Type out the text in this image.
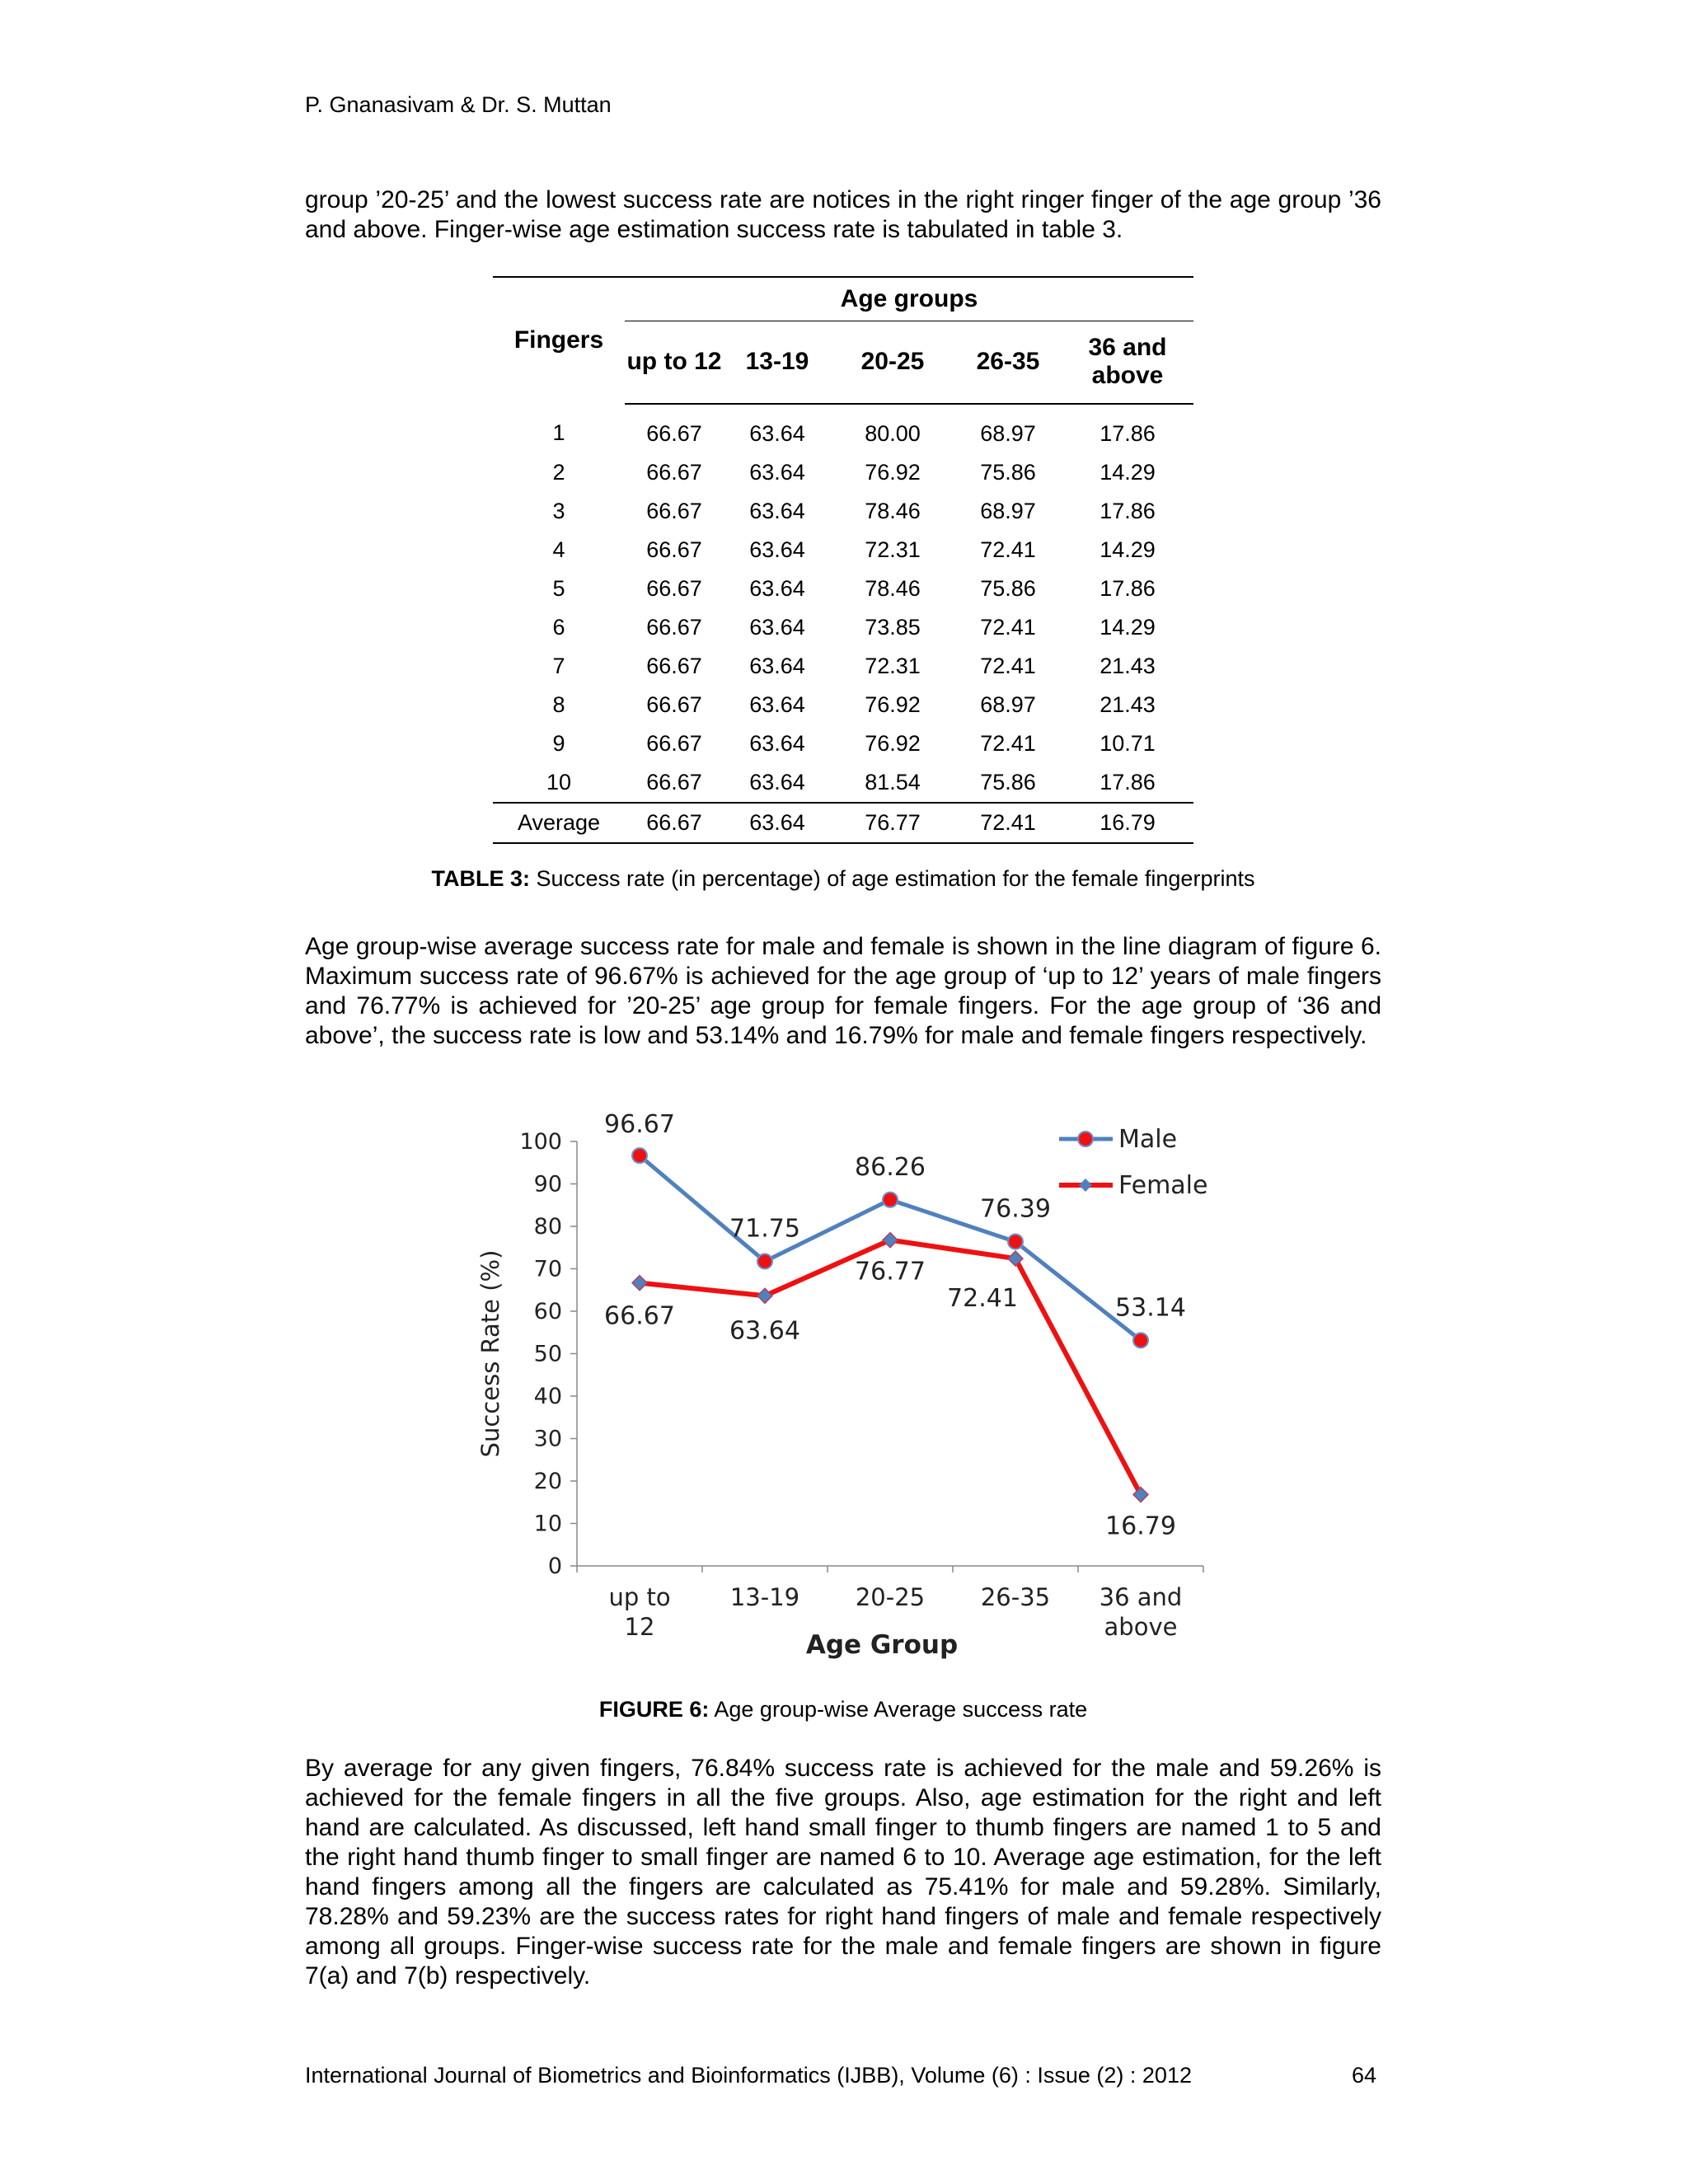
P. Gnanasivam & Dr. S. Muttan

group ’20-25’ and the lowest success rate are notices in the right ringer finger of the age group ’36 and above. Finger-wise age estimation success rate is tabulated in table 3.

Fingers	Age groups				
	up to 12	13-19	20-25	26-35	36 and above
1	66.67	63.64	80.00	68.97	17.86
2	66.67	63.64	76.92	75.86	14.29
3	66.67	63.64	78.46	68.97	17.86
4	66.67	63.64	72.31	72.41	14.29
5	66.67	63.64	78.46	75.86	17.86
6	66.67	63.64	73.85	72.41	14.29
7	66.67	63.64	72.31	72.41	21.43
8	66.67	63.64	76.92	68.97	21.43
9	66.67	63.64	76.92	72.41	10.71
10	66.67	63.64	81.54	75.86	17.86
Average	66.67	63.64	76.77	72.41	16.79
TABLE 3: Success rate (in percentage) of age estimation for the female fingerprints

Age group-wise average success rate for male and female is shown in the line diagram of figure 6. Maximum success rate of 96.67% is achieved for the age group of ‘up to 12’ years of male fingers and 76.77% is achieved for ’20-25’ age group for female fingers. For the age group of ‘36 and above’, the success rate is low and 53.14% and 16.79% for male and female fingers respectively.

0
10
20
30
40
50
60
70
80
90
100
up to
12
13-19 20-25 26-35 36 and
above
Age Group
Success Rate (%)
96.67
71.75
86.26
76.39
53.14
66.67
63.64
76.77
72.41
16.79
Male
Female
FIGURE 6: Age group-wise Average success rate

By average for any given fingers, 76.84% success rate is achieved for the male and 59.26% is achieved for the female fingers in all the five groups. Also, age estimation for the right and left hand are calculated. As discussed, left hand small finger to thumb fingers are named 1 to 5 and the right hand thumb finger to small finger are named 6 to 10. Average age estimation, for the left hand fingers among all the fingers are calculated as 75.41% for male and 59.28%. Similarly, 78.28% and 59.23% are the success rates for right hand fingers of male and female respectively among all groups. Finger-wise success rate for the male and female fingers are shown in figure 7(a) and 7(b) respectively.

International Journal of Biometrics and Bioinformatics (IJBB), Volume (6) : Issue (2) : 2012	64
